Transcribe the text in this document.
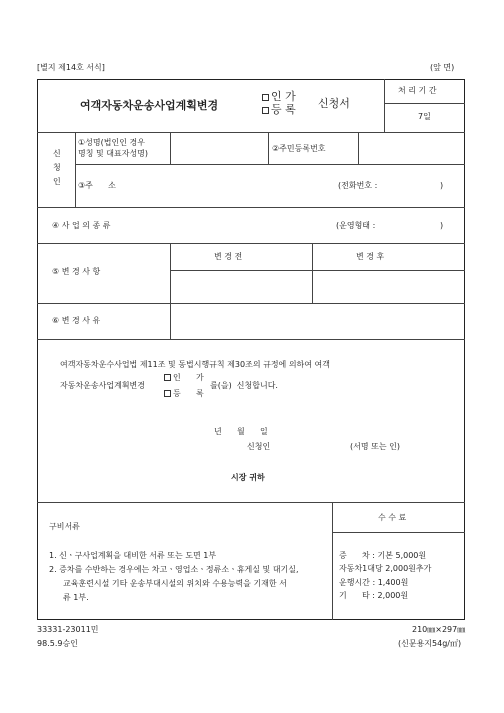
[별지 제14호 서식]	(앞 면)
여객자동차운송사업계획변경
인 가
등 록 신청서
처 리 기 간
7일
신
청
인
①성명(법인인 경우
명칭 및 대표자성명)
②주민등록번호
③주      소	(전화번호 :	)
④ 사 업 의 종 류	(운영형태 :	)
⑤ 변 경 사 항
변 경 전	변 경 후
⑥ 변 경 사 유
여객자동차운수사업법 제11조 및 동법시행규칙 제30조의 규정에 의하여 여객
자동차운송사업계획변경
인      가
등      록
를(을)  신청합니다.
년      월      일
신청인	(서명 또는 인)
시장 귀하
구비서류
1. 신ㆍ구사업계획을 대비한 서류 또는 도면 1부
2. 증차를 수반하는 경우에는 차고ㆍ영업소ㆍ정류소ㆍ휴게실 및 대기실,
교육훈련시설 기타 운송부대시설의 위치와 수용능력을 기재한 서
류 1부.
수 수 료
증      차 : 기본 5,000원
자동차1대당 2,000원추가
운행시간 : 1,400원
기      타 : 2,000원
33331-23011민
98.5.9승인
210㎜×297㎜
(신문용지54g/㎡)
